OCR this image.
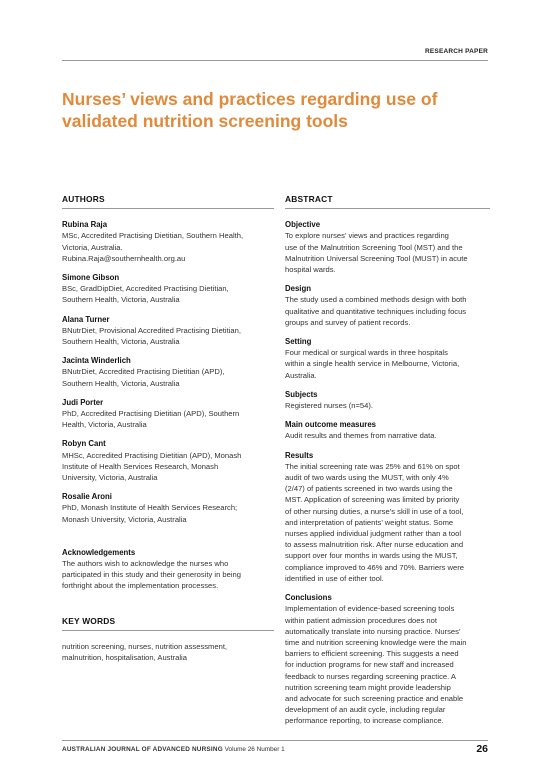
RESEARCH PAPER
Nurses’ views and practices regarding use of
validated nutrition screening tools
AUTHORS
Rubina Raja

MSc, Accredited Practising Dietitian, Southern Health,

Victoria, Australia.

Rubina.Raja@southernhealth.org.au

Simone Gibson

BSc, GradDipDiet, Accredited Practising Dietitian,

Southern Health, Victoria, Australia

Alana Turner

BNutrDiet, Provisional Accredited Practising Dietitian,

Southern Health, Victoria, Australia

Jacinta Winderlich

BNutrDiet, Accredited Practising Dietitian (APD),

Southern Health, Victoria, Australia

Judi Porter

PhD, Accredited Practising Dietitian (APD), Southern

Health, Victoria, Australia

Robyn Cant

MHSc, Accredited Practising Dietitian (APD), Monash

Institute of Health Services Research, Monash

University, Victoria, Australia

Rosalie Aroni

PhD, Monash Institute of Health Services Research;

Monash University, Victoria, Australia

Acknowledgements

The authors wish to acknowledge the nurses who

participated in this study and their generosity in being

forthright about the implementation processes.

KEY WORDS

nutrition screening, nurses, nutrition assessment,

malnutrition, hospitalisation, Australia

ABSTRACT
Objective

To explore nurses’ views and practices regarding

use of the Malnutrition Screening Tool (MST) and the

Malnutrition Universal Screening Tool (MUST) in acute

hospital wards.

Design

The study used a combined methods design with both

qualitative and quantitative techniques including focus

groups and survey of patient records.

Setting

Four medical or surgical wards in three hospitals

within a single health service in Melbourne, Victoria,

Australia.

Subjects

Registered nurses (n=54).

Main outcome measures

Audit results and themes from narrative data.

Results

The initial screening rate was 25% and 61% on spot

audit of two wards using the MUST, with only 4%

(2/47) of patients screened in two wards using the

MST. Application of screening was limited by priority

of other nursing duties, a nurse’s skill in use of a tool,

and interpretation of patients’ weight status. Some

nurses applied individual judgment rather than a tool

to assess malnutrition risk. After nurse education and

support over four months in wards using the MUST,

compliance improved to 46% and 70%. Barriers were

identified in use of either tool.

Conclusions

Implementation of evidence-based screening tools

within patient admission procedures does not

automatically translate into nursing practice. Nurses’

time and nutrition screening knowledge were the main

barriers to efficient screening. This suggests a need

for induction programs for new staff and increased

feedback to nurses regarding screening practice. A

nutrition screening team might provide leadership

and advocate for such screening practice and enable

development of an audit cycle, including regular

performance reporting, to increase compliance.

AUSTRALIAN JOURNAL OF ADVANCED NURSING Volume 26 Number 1	26
